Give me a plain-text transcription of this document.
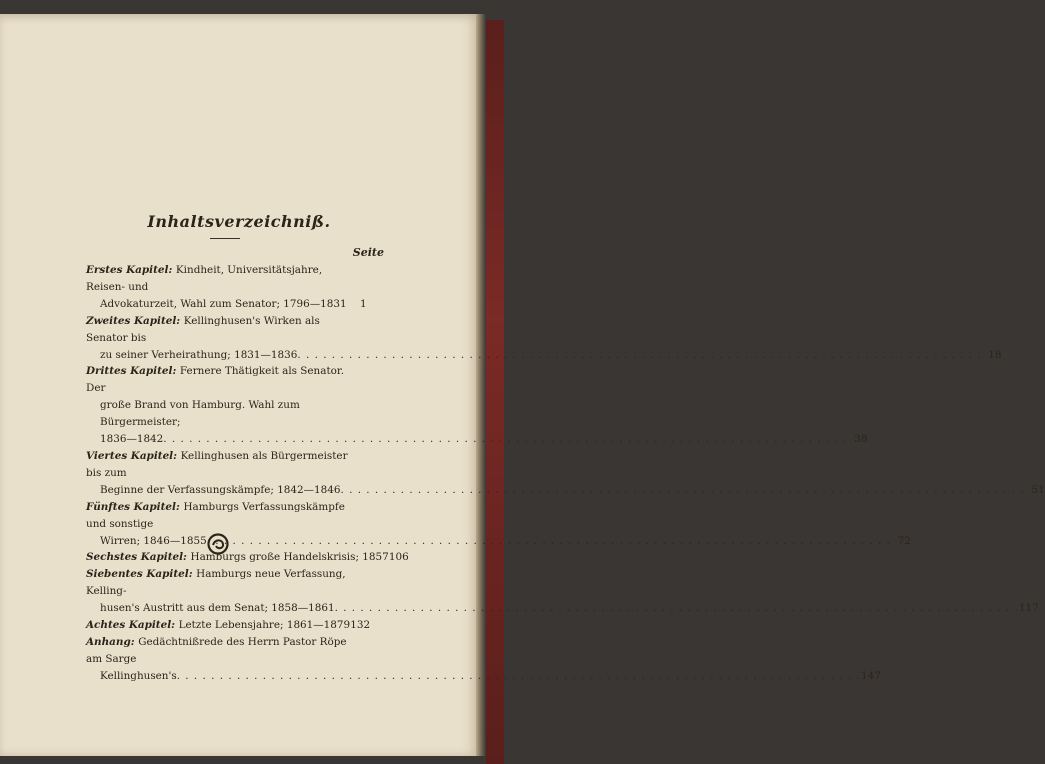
Inhaltsverzeichniß.
Seite
Erstes Kapitel: Kindheit, Universitätsjahre, Reisen- und
Advokaturzeit, Wahl zum Senator; 1796—1831	1
Zweites Kapitel: Kellinghusen's Wirken als Senator bis
zu seiner Verheirathung; 1831—1836 . . . . . . . . . . . . . . . . . . . . . . . . . . . . . . . . . . . . . . . . . . . . . . . . . . . . . . . . . . . . . . . . . . . . . . . . . . . . . . . . 18
Drittes Kapitel: Fernere Thätigkeit als Senator. Der
große Brand von Hamburg. Wahl zum Bürgermeister;
1836—1842 . . . . . . . . . . . . . . . . . . . . . . . . . . . . . . . . . . . . . . . . . . . . . . . . . . . . . . . . . . . . . . . . . . . . . . . . . . . . . . . . 38
Viertes Kapitel: Kellinghusen als Bürgermeister bis zum
Beginne der Verfassungskämpfe; 1842—1846 . . . . . . . . . . . . . . . . . . . . . . . . . . . . . . . . . . . . . . . . . . . . . . . . . . . . . . . . . . . . . . . . . . . . . . . . . . . . . . . . 51
Fünftes Kapitel: Hamburgs Verfassungskämpfe und sonstige
Wirren; 1846—1855 . . . . . . . . . . . . . . . . . . . . . . . . . . . . . . . . . . . . . . . . . . . . . . . . . . . . . . . . . . . . . . . . . . . . . . . . . . . . . . . . 72
Sechstes Kapitel: Hamburgs große Handelskrisis; 1857 106
Siebentes Kapitel: Hamburgs neue Verfassung, Kelling-
husen's Austritt aus dem Senat; 1858—1861 . . . . . . . . . . . . . . . . . . . . . . . . . . . . . . . . . . . . . . . . . . . . . . . . . . . . . . . . . . . . . . . . . . . . . . . . . . . . . . . . 117
Achtes Kapitel: Letzte Lebensjahre; 1861—1879 132
Anhang: Gedächtnißrede des Herrn Pastor Röpe am Sarge
Kellinghusen's . . . . . . . . . . . . . . . . . . . . . . . . . . . . . . . . . . . . . . . . . . . . . . . . . . . . . . . . . . . . . . . . . . . . . . . . . . . . . . . . 147
